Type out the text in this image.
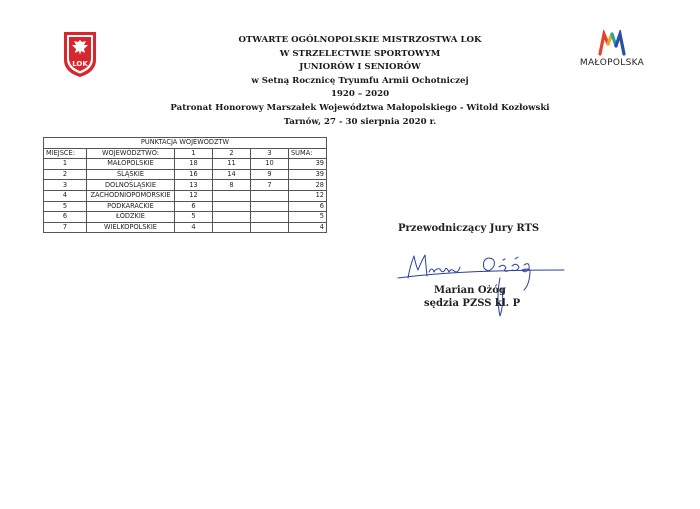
LOK	MAŁOPOLSKA
OTWARTE OGÓLNOPOLSKIE MISTRZOSTWA LOK
W STRZELECTWIE SPORTOWYM
JUNIORÓW I SENIORÓW
w Setną Rocznicę Tryumfu Armii Ochotniczej
1920 – 2020
Patronat Honorowy Marszałek Województwa Małopolskiego - Witold Kozłowski
Tarnów, 27 - 30 sierpnia 2020 r.
PUNKTACJA WOJEWÓDZTW					
MIEJSCE:	WOJEWÓDZTWO:	1	2	3	SUMA:
1	MAŁOPOLSKIE	18	11	10	39
2	ŚLĄSKIE	16	14	9	39
3	DOLNOŚLĄSKIE	13	8	7	28
4	ZACHODNIOPOMORSKIE	12			12
5	PODKARACKIE	6			6
6	ŁÓDZKIE	5			5
7	WIELKOPOLSKIE	4			4	Przewodniczący Jury RTS
Marian Ożóg
sędzia PZSS kl. P
